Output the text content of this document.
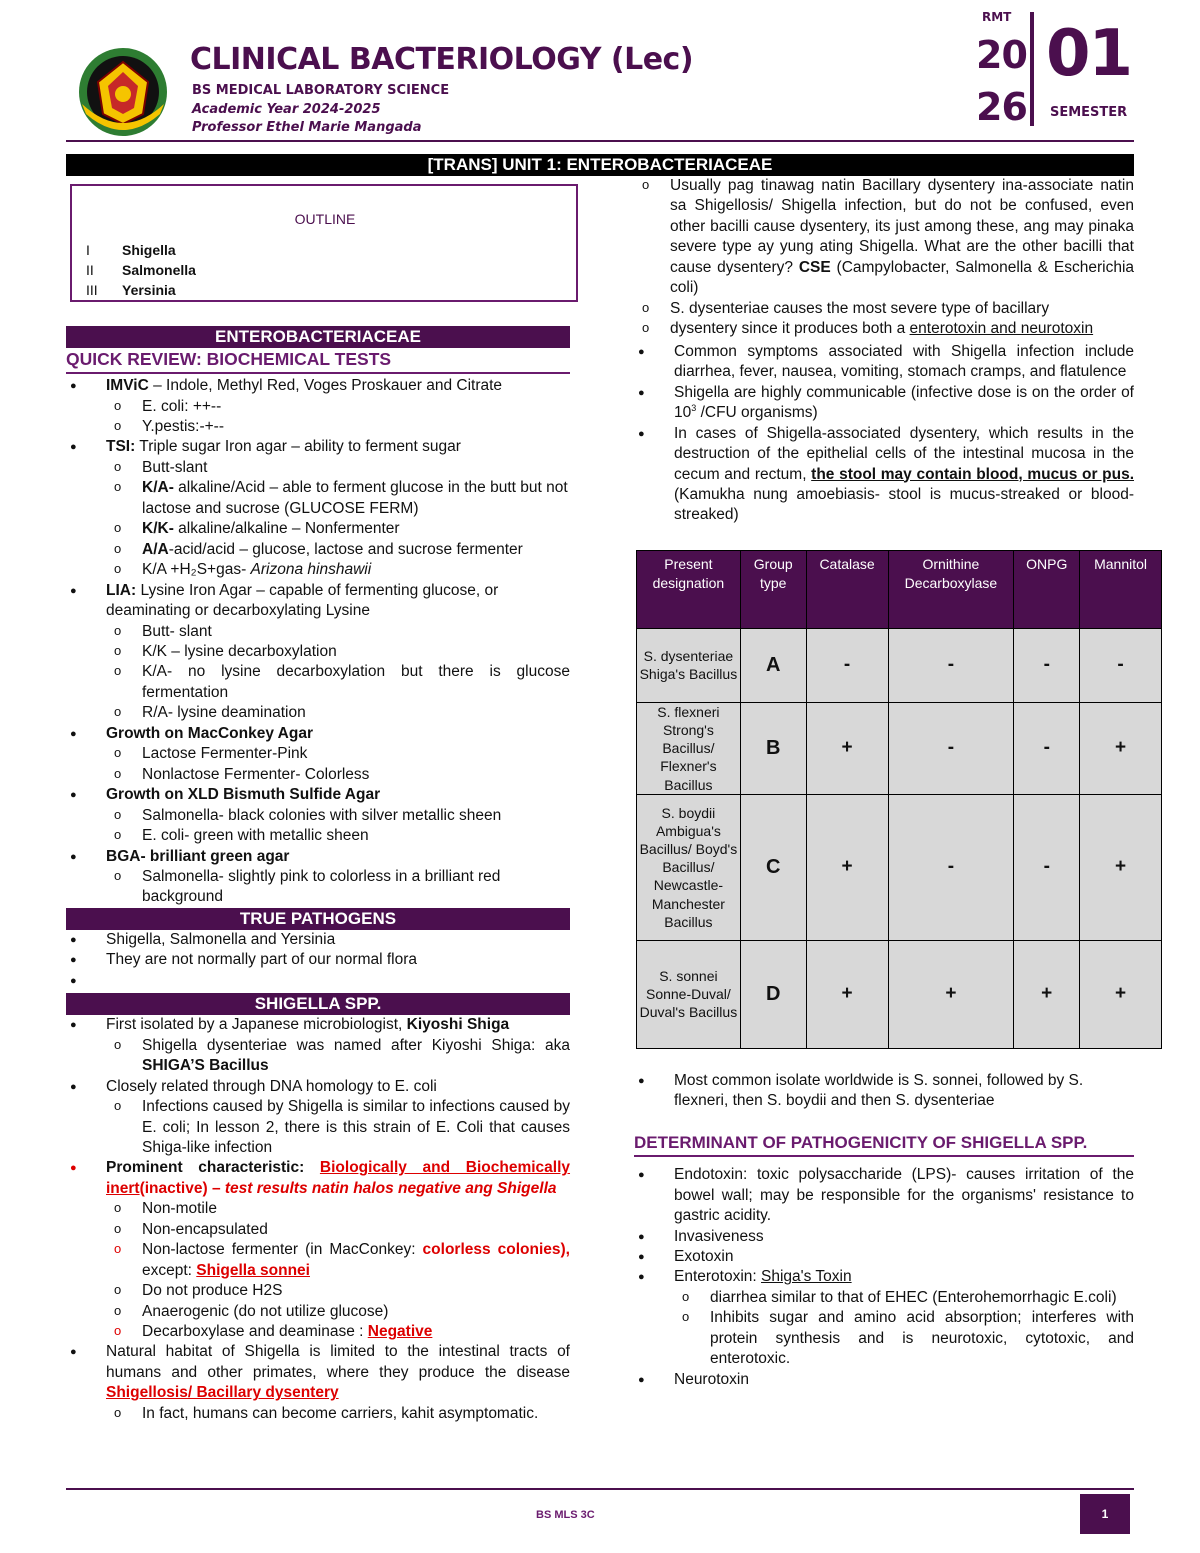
CLINICAL BACTERIOLOGY (Lec)
BS MEDICAL LABORATORY SCIENCE
Academic Year 2024-2025
Professor Ethel Marie Mangada
RMT
20
26
01
SEMESTER
[TRANS] UNIT 1: ENTEROBACTERIACEAE
OUTLINE
I	Shigella
II	Salmonella
III	Yersinia
ENTEROBACTERIACEAE
QUICK REVIEW: BIOCHEMICAL TESTS
● IMViC – Indole, Methyl Red, Voges Proskauer and Citrate
o E. coli: ++--
o Y.pestis:-+--
● TSI: Triple sugar Iron agar – ability to ferment sugar
o Butt-slant
o K/A- alkaline/Acid – able to ferment glucose in the butt but not lactose and sucrose (GLUCOSE FERM)
o K/K- alkaline/alkaline – Nonfermenter
o A/A-acid/acid – glucose, lactose and sucrose fermenter
o K/A +H₂S+gas- Arizona hinshawii
● LIA: Lysine Iron Agar – capable of fermenting glucose, or deaminating or decarboxylating Lysine
o Butt- slant
o K/K – lysine decarboxylation
o K/A- no lysine decarboxylation but there is glucose fermentation
o R/A- lysine deamination
● Growth on MacConkey Agar
o Lactose Fermenter-Pink
o Nonlactose Fermenter- Colorless
● Growth on XLD Bismuth Sulfide Agar
o Salmonella- black colonies with silver metallic sheen
o E. coli- green with metallic sheen
● BGA- brilliant green agar
o Salmonella- slightly pink to colorless in a brilliant red background
TRUE PATHOGENS
● Shigella, Salmonella and Yersinia
● They are not normally part of our normal flora
●
SHIGELLA SPP.
● First isolated by a Japanese microbiologist, Kiyoshi Shiga
o Shigella dysenteriae was named after Kiyoshi Shiga: aka SHIGA’S Bacillus
● Closely related through DNA homology to E. coli
o Infections caused by Shigella is similar to infections caused by E. coli; In lesson 2, there is this strain of E. Coli that causes Shiga-like infection
● Prominent characteristic: Biologically and Biochemically inert(inactive) – test results natin halos negative ang Shigella
o Non-motile
o Non-encapsulated
o Non-lactose fermenter (in MacConkey: colorless colonies), except: Shigella sonnei
o Do not produce H2S
o Anaerogenic (do not utilize glucose)
o Decarboxylase and deaminase : Negative
● Natural habitat of Shigella is limited to the intestinal tracts of humans and other primates, where they produce the disease Shigellosis/ Bacillary dysentery
o In fact, humans can become carriers, kahit asymptomatic.
o Usually pag tinawag natin Bacillary dysentery ina-associate natin sa Shigellosis/ Shigella infection, but do not be confused, even other bacilli cause dysentery, its just among these, ang may pinaka severe type ay yung ating Shigella. What are the other bacilli that cause dysentery? CSE (Campylobacter, Salmonella & Escherichia coli)
o S. dysenteriae causes the most severe type of bacillary
o dysentery since it produces both a enterotoxin and neurotoxin
● Common symptoms associated with Shigella infection include diarrhea, fever, nausea, vomiting, stomach cramps, and flatulence
● Shigella are highly communicable (infective dose is on the order of $10^3$ /CFU organisms)
● In cases of Shigella-associated dysentery, which results in the destruction of the epithelial cells of the intestinal mucosa in the cecum and rectum, the stool may contain blood, mucus or pus. (Kamukha nung amoebiasis- stool is mucus-streaked or blood-streaked)
Present designation	Group type	Catalase	Ornithine Decarboxylase	ONPG	Mannitol
S. dysenteriae Shiga's Bacillus	A	-	-	-	-
S. flexneri Strong's Bacillus/ Flexner's Bacillus	B	+	-	-	+
S. boydii Ambigua's Bacillus/ Boyd's Bacillus/ Newcastle-Manchester Bacillus	C	+	-	-	+
S. sonnei Sonne-Duval/ Duval's Bacillus	D	+	+	+	+
● Most common isolate worldwide is S. sonnei, followed by S. flexneri, then S. boydii and then S. dysenteriae
DETERMINANT OF PATHOGENICITY OF SHIGELLA SPP.
● Endotoxin: toxic polysaccharide (LPS)- causes irritation of the bowel wall; may be responsible for the organisms' resistance to gastric acidity.
● Invasiveness
● Exotoxin
● Enterotoxin: Shiga's Toxin
o diarrhea similar to that of EHEC (Enterohemorrhagic E.coli)
o Inhibits sugar and amino acid absorption; interferes with protein synthesis and is neurotoxic, cytotoxic, and enterotoxic.
● Neurotoxin
BS MLS 3C	1
